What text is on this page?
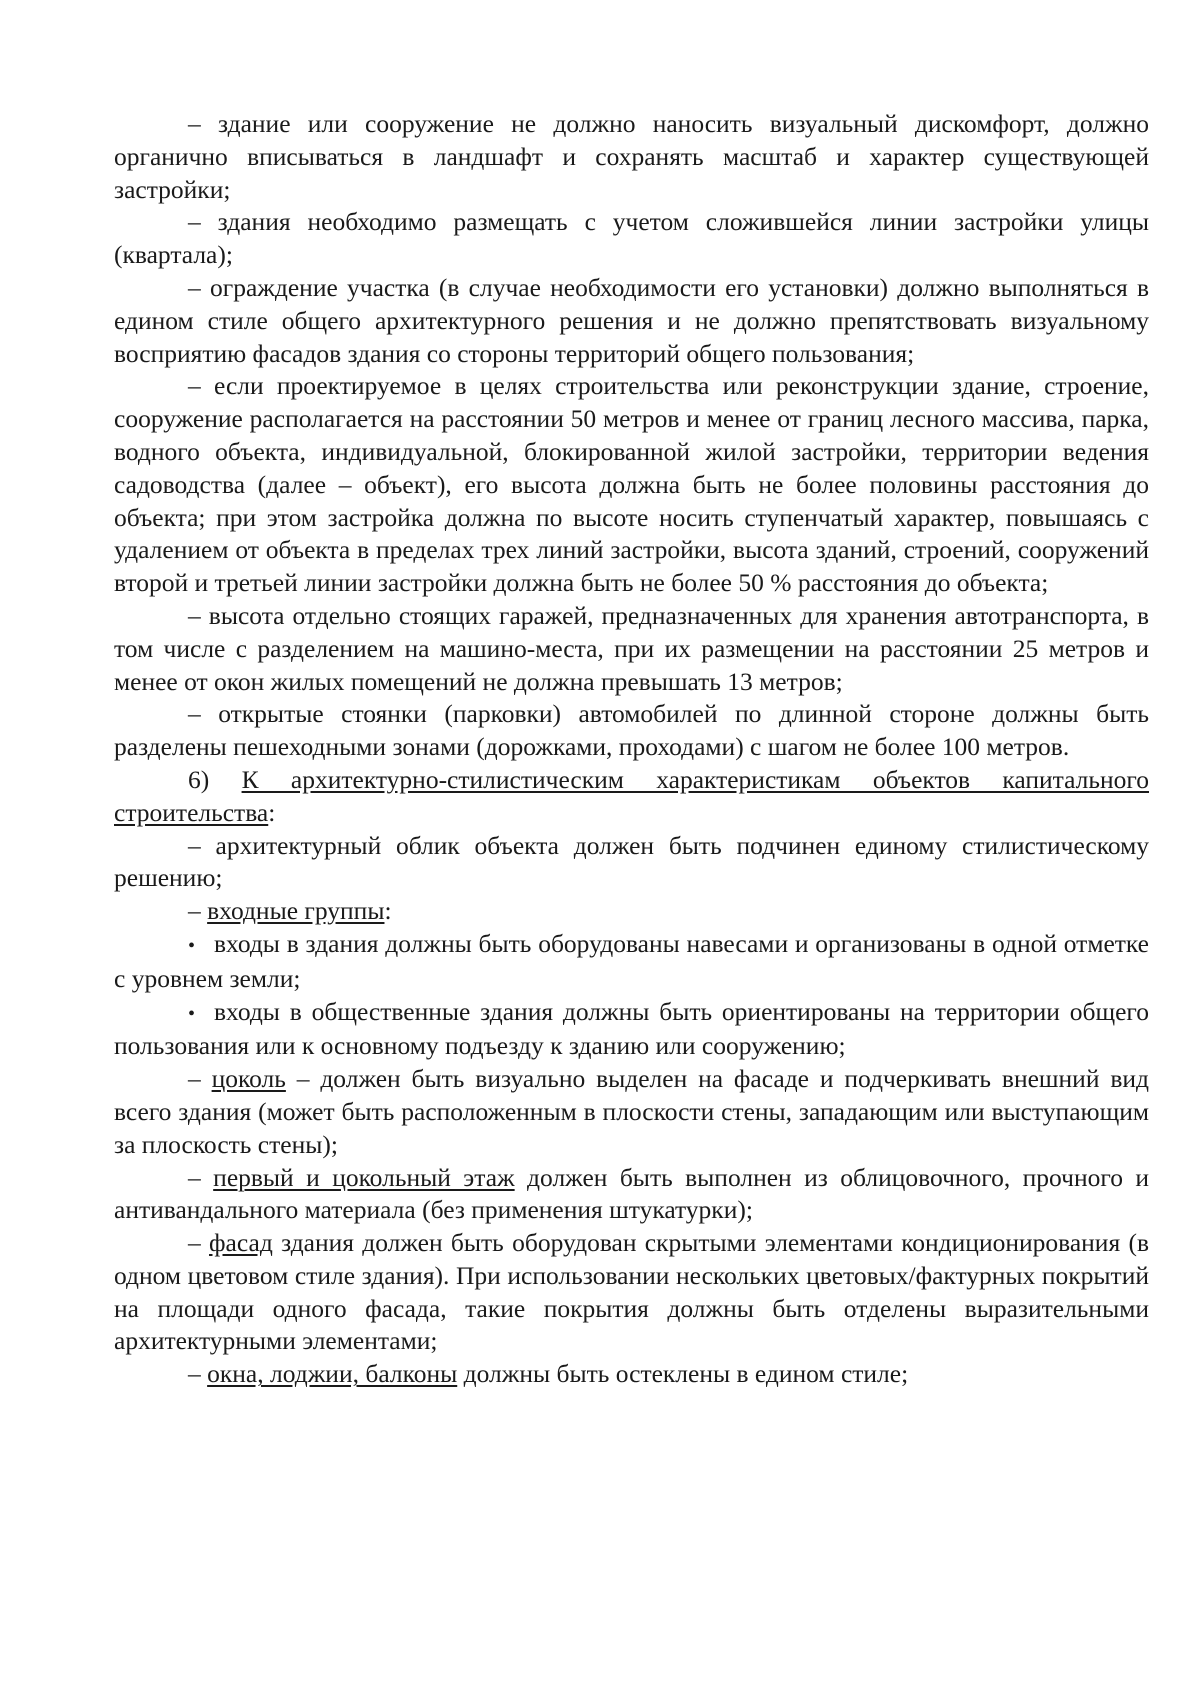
– здание или сооружение не должно наносить визуальный дискомфорт, должно органично вписываться в ландшафт и сохранять масштаб и характер существующей застройки;

– здания необходимо размещать с учетом сложившейся линии застройки улицы (квартала);

– ограждение участка (в случае необходимости его установки) должно выполняться в едином стиле общего архитектурного решения и не должно препятствовать визуальному восприятию фасадов здания со стороны территорий общего пользования;

– если проектируемое в целях строительства или реконструкции здание, строение, сооружение располагается на расстоянии 50 метров и менее от границ лесного массива, парка, водного объекта, индивидуальной, блокированной жилой застройки, территории ведения садоводства (далее – объект), его высота должна быть не более половины расстояния до объекта; при этом застройка должна по высоте носить ступенчатый характер, повышаясь с удалением от объекта в пределах трех линий застройки, высота зданий, строений, сооружений второй и третьей линии застройки должна быть не более 50 % расстояния до объекта;

– высота отдельно стоящих гаражей, предназначенных для хранения автотранспорта, в том числе с разделением на машино-места, при их размещении на расстоянии 25 метров и менее от окон жилых помещений не должна превышать 13 метров;

– открытые стоянки (парковки) автомобилей по длинной стороне должны быть разделены пешеходными зонами (дорожками, проходами) с шагом не более 100 метров.

6) К архитектурно-стилистическим характеристикам объектов капитального строительства:

– архитектурный облик объекта должен быть подчинен единому стилистическому решению;

– входные группы:

• входы в здания должны быть оборудованы навесами и организованы в одной отметке с уровнем земли;

• входы в общественные здания должны быть ориентированы на территории общего пользования или к основному подъезду к зданию или сооружению;

– цоколь – должен быть визуально выделен на фасаде и подчеркивать внешний вид всего здания (может быть расположенным в плоскости стены, западающим или выступающим за плоскость стены);

– первый и цокольный этаж должен быть выполнен из облицовочного, прочного и антивандального материала (без применения штукатурки);

– фасад здания должен быть оборудован скрытыми элементами кондиционирования (в одном цветовом стиле здания). При использовании нескольких цветовых/фактурных покрытий на площади одного фасада, такие покрытия должны быть отделены выразительными архитектурными элементами;

– окна, лоджии, балконы должны быть остеклены в едином стиле;
